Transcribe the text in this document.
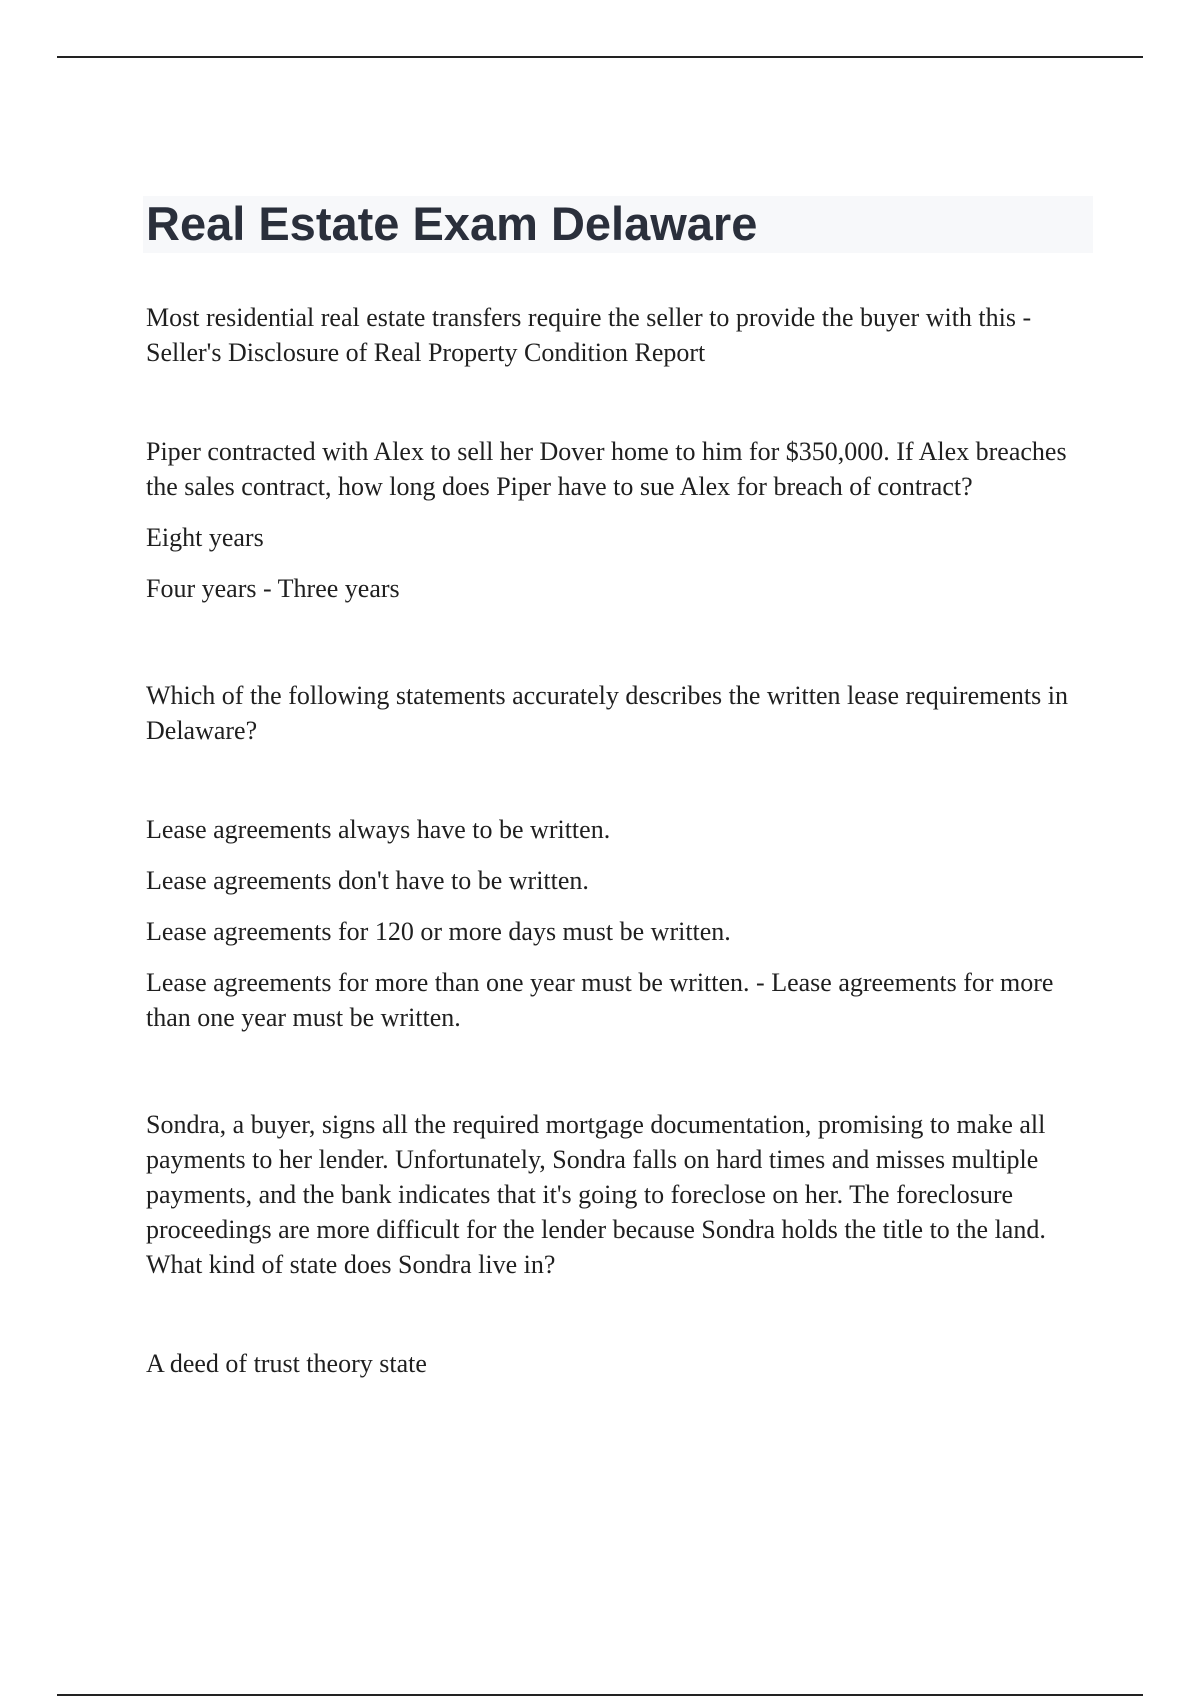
Real Estate Exam Delaware

Most residential real estate transfers require the seller to provide the buyer with this - Seller's Disclosure of Real Property Condition Report

Piper contracted with Alex to sell her Dover home to him for $350,000. If Alex breaches the sales contract, how long does Piper have to sue Alex for breach of contract?

Eight years

Four years - Three years

Which of the following statements accurately describes the written lease requirements in Delaware?

Lease agreements always have to be written.

Lease agreements don't have to be written.

Lease agreements for 120 or more days must be written.

Lease agreements for more than one year must be written. - Lease agreements for more than one year must be written.

Sondra, a buyer, signs all the required mortgage documentation, promising to make all payments to her lender. Unfortunately, Sondra falls on hard times and misses multiple payments, and the bank indicates that it's going to foreclose on her. The foreclosure proceedings are more difficult for the lender because Sondra holds the title to the land. What kind of state does Sondra live in?

A deed of trust theory state
